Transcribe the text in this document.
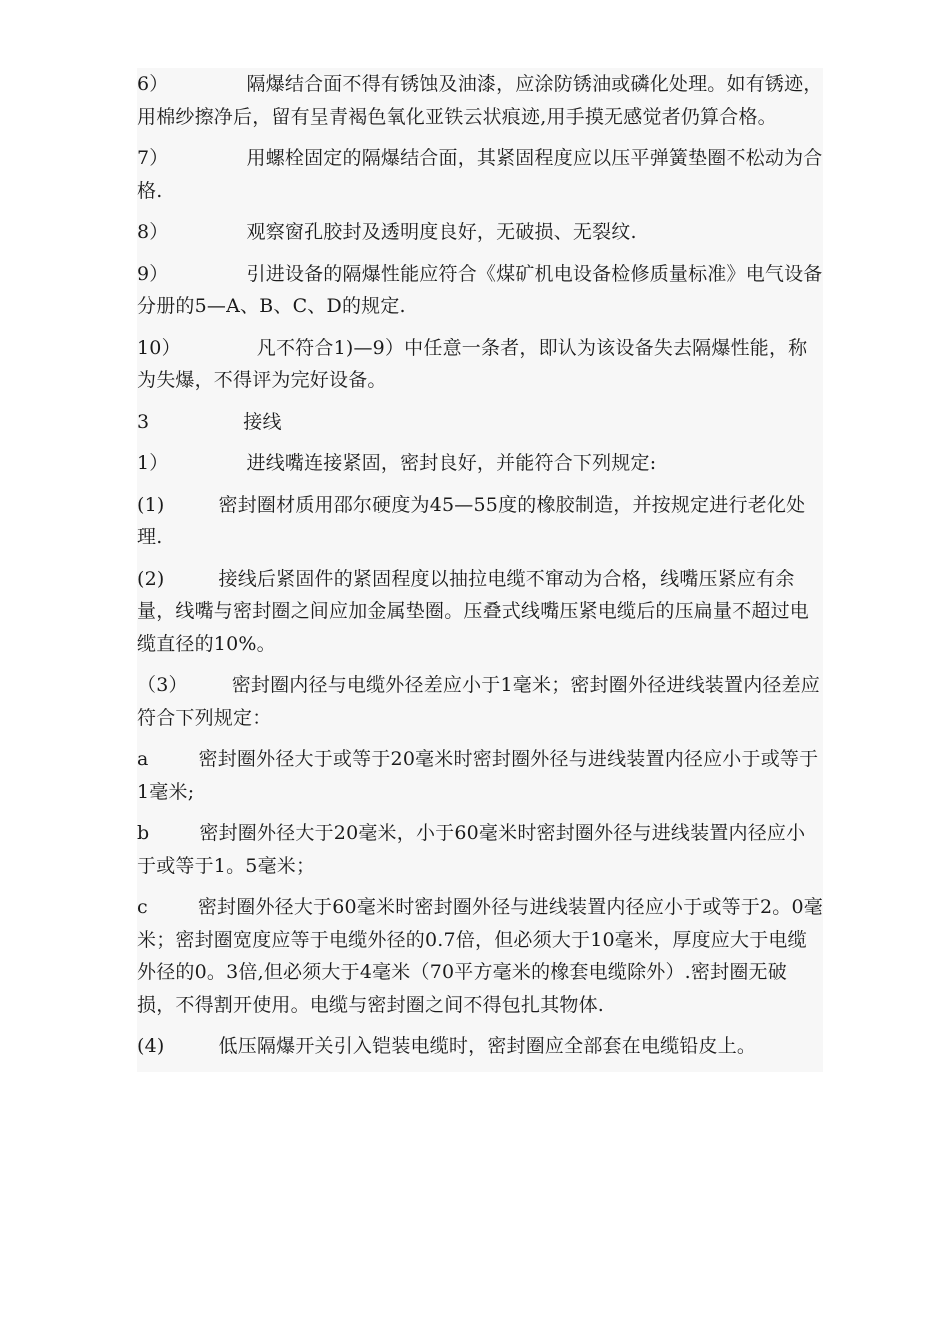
6）	隔爆结合面不得有锈蚀及油漆，应涂防锈油或磷化处理。如有锈迹，用棉纱擦净后，留有呈青褐色氧化亚铁云状痕迹,用手摸无感觉者仍算合格。

7）	用螺栓固定的隔爆结合面，其紧固程度应以压平弹簧垫圈不松动为合格.

8）	观察窗孔胶封及透明度良好，无破损、无裂纹.

9）	引进设备的隔爆性能应符合《煤矿机电设备检修质量标准》电气设备分册的5—A、B、C、D的规定.

10）	凡不符合1)—9）中任意一条者，即认为该设备失去隔爆性能，称为失爆，不得评为完好设备。

3	接线

1）	进线嘴连接紧固，密封良好，并能符合下列规定:

(1)	密封圈材质用邵尔硬度为45—55度的橡胶制造，并按规定进行老化处理.

(2)	接线后紧固件的紧固程度以抽拉电缆不窜动为合格，线嘴压紧应有余量，线嘴与密封圈之间应加金属垫圈。压叠式线嘴压紧电缆后的压扁量不超过电缆直径的10%。

（3） 密封圈内径与电缆外径差应小于1毫米；密封圈外径进线装置内径差应符合下列规定：

a	密封圈外径大于或等于20毫米时密封圈外径与进线装置内径应小于或等于1毫米;

b	密封圈外径大于20毫米，小于60毫米时密封圈外径与进线装置内径应小于或等于1。5毫米；

c	密封圈外径大于60毫米时密封圈外径与进线装置内径应小于或等于2。0毫米；密封圈宽度应等于电缆外径的0.7倍，但必须大于10毫米，厚度应大于电缆外径的0。3倍,但必须大于4毫米（70平方毫米的橡套电缆除外）.密封圈无破损，不得割开使用。电缆与密封圈之间不得包扎其物体.

(4)	低压隔爆开关引入铠装电缆时，密封圈应全部套在电缆铅皮上。
